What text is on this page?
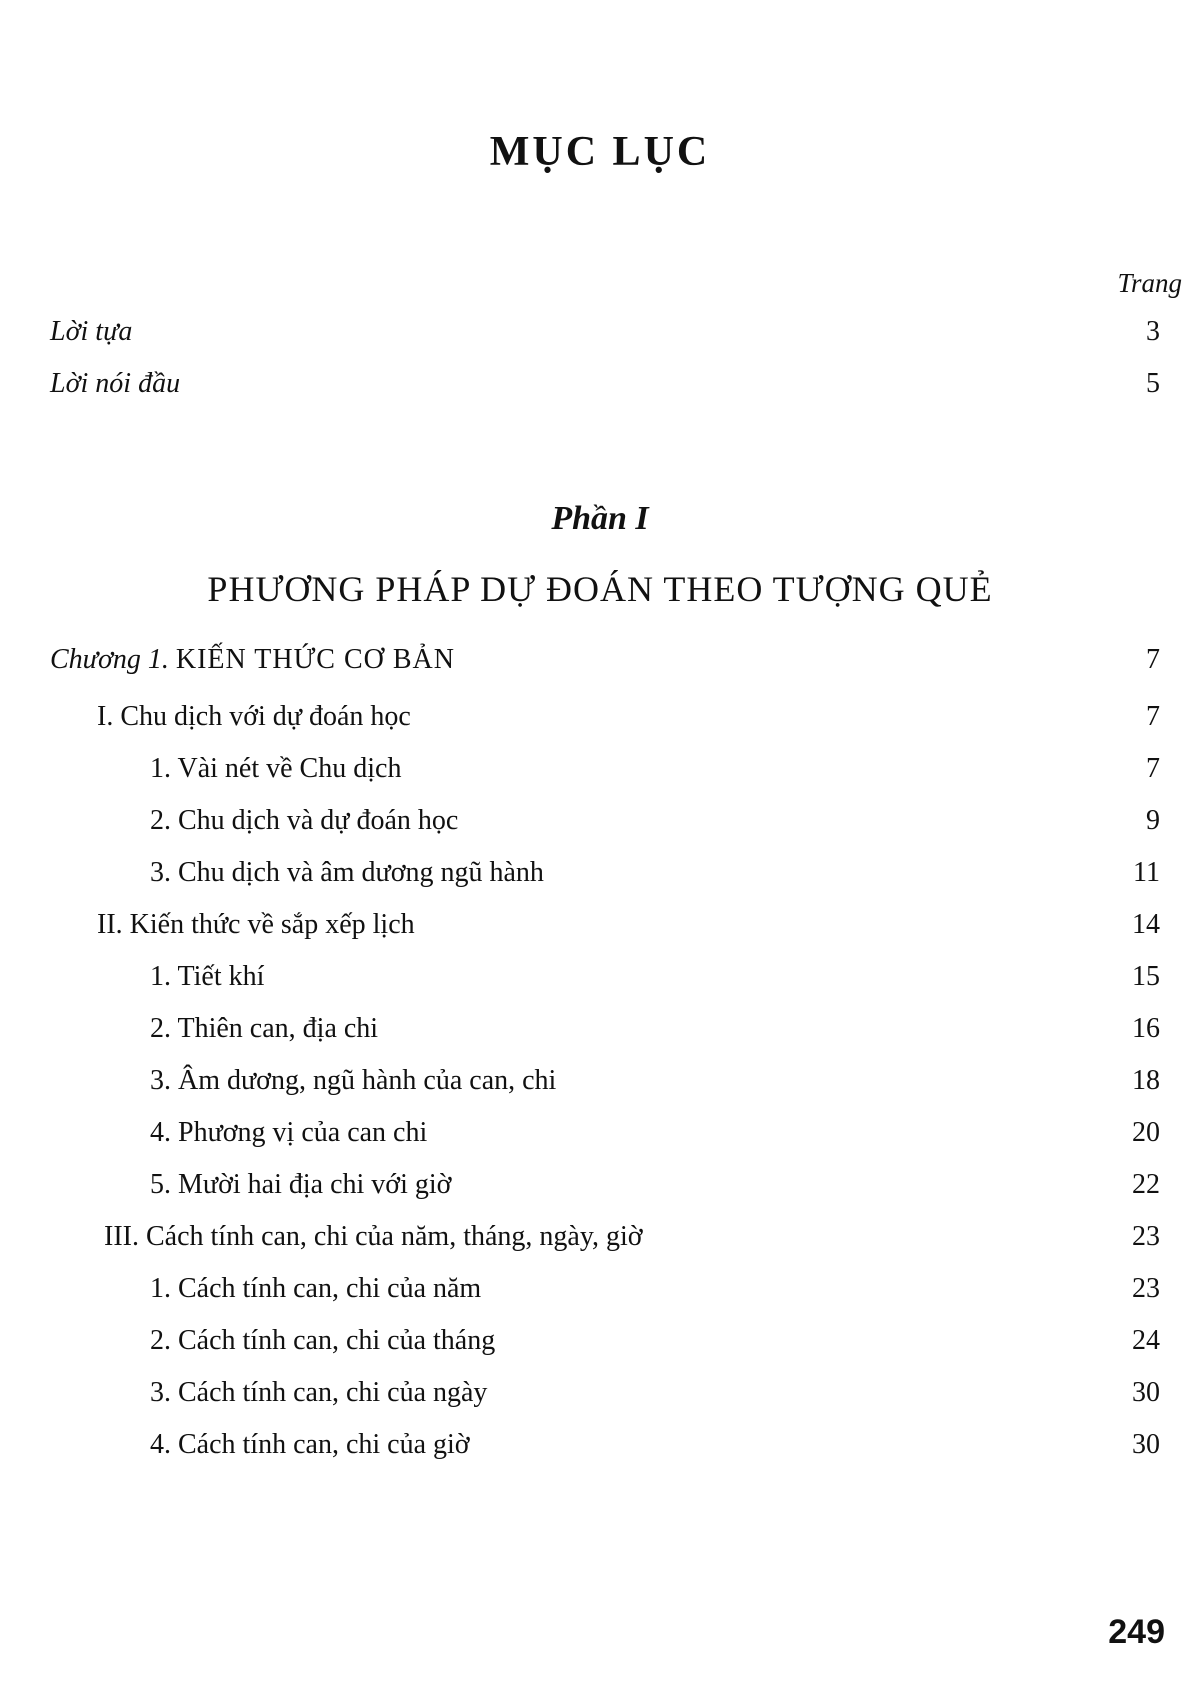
MỤC LỤC
Trang
Lời tựa	3
Lời nói đầu	5
Phần I
PHƯƠNG PHÁP DỰ ĐOÁN THEO TƯỢNG QUẺ
Chương 1. KIẾN THỨC CƠ BẢN	7
I. Chu dịch với dự đoán học	7
1. Vài nét về Chu dịch	7
2. Chu dịch và dự đoán học	9
3. Chu dịch và âm dương ngũ hành	11
II. Kiến thức về sắp xếp lịch	14
1. Tiết khí	15
2. Thiên can, địa chi	16
3. Âm dương, ngũ hành của can, chi	18
4. Phương vị của can chi	20
5. Mười hai địa chi với giờ	22
III. Cách tính can, chi của năm, tháng, ngày, giờ	23
1. Cách tính can, chi của năm	23
2. Cách tính can, chi của tháng	24
3. Cách tính can, chi của ngày	30
4. Cách tính can, chi của giờ	30
249
